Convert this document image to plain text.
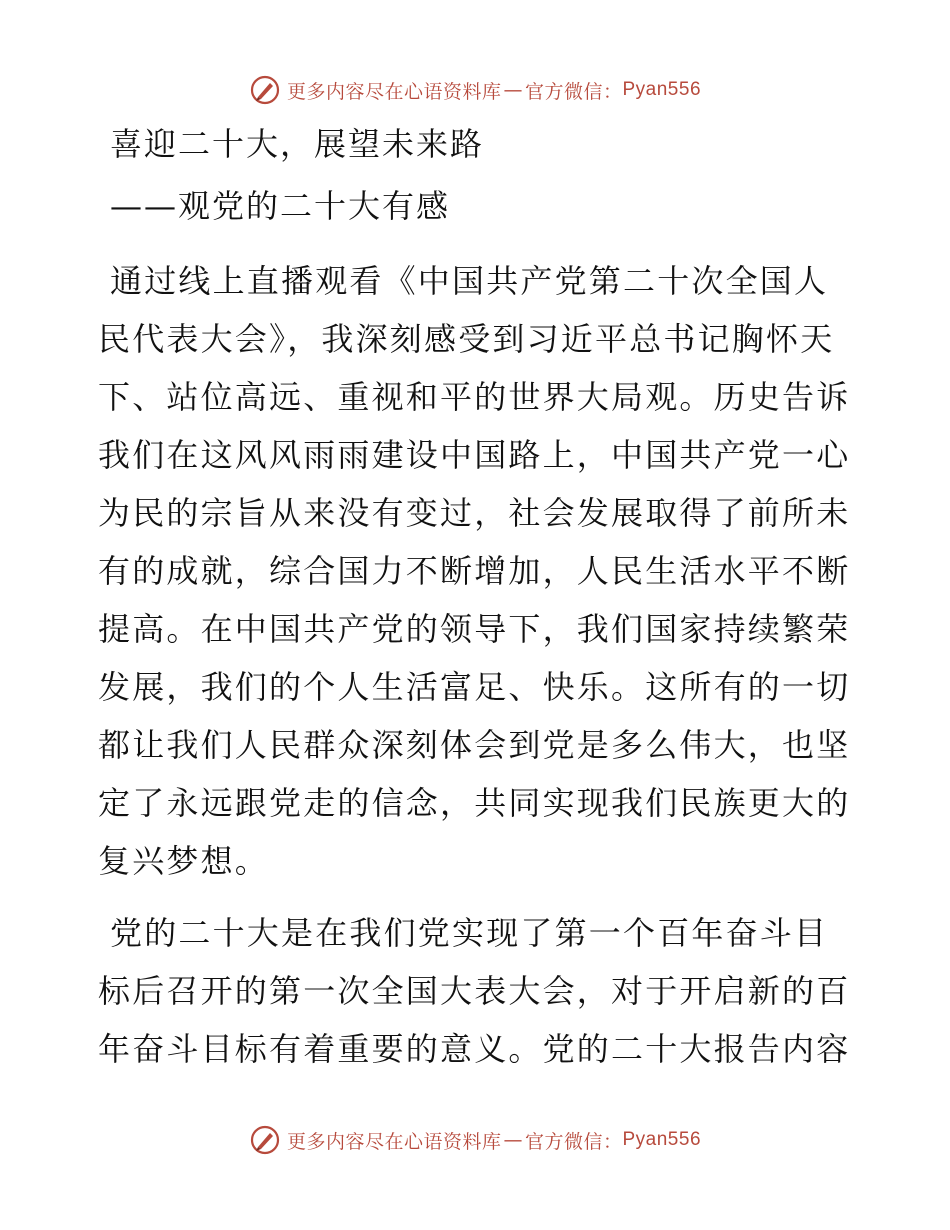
更多内容尽在心语资料库 — 官方微信： Pyan556
喜迎二十大，展望未来路
——观党的二十大有感
通过线上直播观看《中国共产党第二十次全国人
民代表大会》，我深刻感受到习近平总书记胸怀天
下、站位高远、重视和平的世界大局观。历史告诉
我们在这风风雨雨建设中国路上，中国共产党一心
为民的宗旨从来没有变过，社会发展取得了前所未
有的成就，综合国力不断增加，人民生活水平不断
提高。在中国共产党的领导下，我们国家持续繁荣
发展，我们的个人生活富足、快乐。这所有的一切
都让我们人民群众深刻体会到党是多么伟大，也坚
定了永远跟党走的信念，共同实现我们民族更大的
复兴梦想。
党的二十大是在我们党实现了第一个百年奋斗目
标后召开的第一次全国大表大会，对于开启新的百
年奋斗目标有着重要的意义。党的二十大报告内容
更多内容尽在心语资料库 — 官方微信： Pyan556
